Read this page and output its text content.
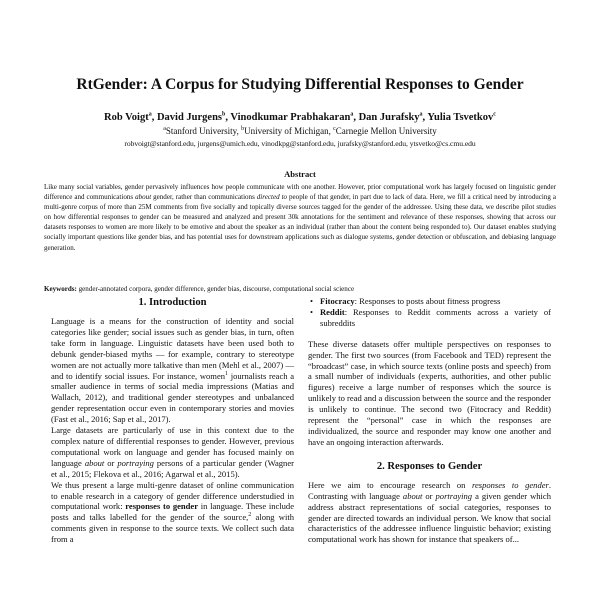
RtGender: A Corpus for Studying Differential Responses to Gender
Rob Voigt$^a$, David Jurgens$^b$, Vinodkumar Prabhakaran$^a$, Dan Jurafsky$^a$, Yulia Tsvetkov$^c$
$^a$Stanford University, $^b$University of Michigan, $^c$Carnegie Mellon University
robvoigt@stanford.edu, jurgens@umich.edu, vinodkpg@stanford.edu, jurafsky@stanford.edu, ytsvetko@cs.cmu.edu
Abstract

Like many social variables, gender pervasively influences how people communicate with one another. However, prior computational work has largely focused on linguistic gender difference and communications about gender, rather than communications directed to people of that gender, in part due to lack of data. Here, we fill a critical need by introducing a multi-genre corpus of more than 25M comments from five socially and topically diverse sources tagged for the gender of the addressee. Using these data, we describe pilot studies on how differential responses to gender can be measured and analyzed and present 30k annotations for the sentiment and relevance of these responses, showing that across our datasets responses to women are more likely to be emotive and about the speaker as an individual (rather than about the content being responded to). Our dataset enables studying socially important questions like gender bias, and has potential uses for downstream applications such as dialogue systems, gender detection or obfuscation, and debiasing language generation.

Keywords: gender-annotated corpora, gender difference, gender bias, discourse, computational social science
1. Introduction

Language is a means for the construction of identity and social categories like gender; social issues such as gender bias, in turn, often take form in language. Linguistic datasets have been used both to debunk gender-biased myths — for example, contrary to stereotype women are not actually more talkative than men (Mehl et al., 2007) — and to identify social issues. For instance, women$^1$ journalists reach a smaller audience in terms of social media impressions (Matias and Wallach, 2012), and traditional gender stereotypes and unbalanced gender representation occur even in contemporary stories and movies (Fast et al., 2016; Sap et al., 2017).

Large datasets are particularly of use in this context due to the complex nature of differential responses to gender. However, previous computational work on language and gender has focused mainly on language about or portraying persons of a particular gender (Wagner et al., 2015; Flekova et al., 2016; Agarwal et al., 2015).

We thus present a large multi-genre dataset of online communication to enable research in a category of gender difference understudied in computational work: responses to gender in language. These include posts and talks labelled for the gender of the source,$^2$ along with comments given in response to the source texts. We collect such data from a

• Fitocracy: Responses to posts about fitness progress
• Reddit: Responses to Reddit comments across a variety of subreddits

These diverse datasets offer multiple perspectives on responses to gender. The first two sources (from Facebook and TED) represent the “broadcast” case, in which source texts (online posts and speech) from a small number of individuals (experts, authorities, and other public figures) receive a large number of responses which the source is unlikely to read and a discussion between the source and the responder is unlikely to continue. The second two (Fitocracy and Reddit) represent the “personal” case in which the responses are individualized, the source and responder may know one another and have an ongoing interaction afterwards.

2. Responses to Gender

Here we aim to encourage research on responses to gender. Contrasting with language about or portraying a given gender which address abstract representations of social categories, responses to gender are directed towards an individual person. We know that social characteristics of the addressee influence linguistic behavior; existing computational work has shown for instance that speakers of...
